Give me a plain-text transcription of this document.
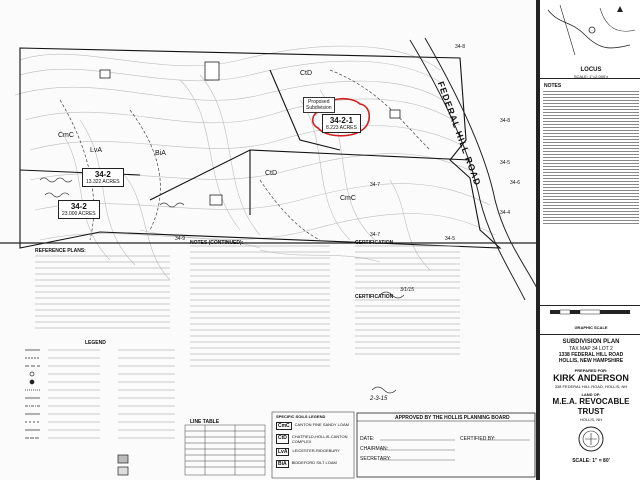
FEDERAL HILL ROAD
Proposed
Subdivision
34-2-1
8.223 ACRES
34-2
13.322 ACRES
34-2
23.000 ACRES
CmC
LvA	BiA
CtD
CmC
CtD
34-8
34-8
34-7
34-5
34-6
34-4
34-5
34-7
34-9
REFERENCE PLANS:
LEGEND
NOTES (CONTINUED):
LINE TABLE
CERTIFICATION
CERTIFICATION
3/1/15
2-3-15
SPECIFIC SOILS LEGEND
CmC	CANTON FINE SANDY LOAM
CtD	CHATFIELD-HOLLIS-CANTON COMPLEX
LvA	LEICESTER-RIDGEBURY
BiA	BIDDEFORD SILT LOAM
APPROVED BY THE HOLLIS PLANNING BOARD
DATE:
CHAIRMAN:
SECRETARY:
CERTIFIED BY:
LOCUS
SCALE: 1"=2,000'±
NOTES
GRAPHIC SCALE
SUBDIVISION PLAN
TAX MAP 34 LOT 2
1338 FEDERAL HILL ROAD
HOLLIS, NEW HAMPSHIRE
PREPARED FOR:
KIRK ANDERSON
338 FEDERAL HILL ROAD, HOLLIS, NH
LAND OF:
M.E.A. REVOCABLE TRUST
HOLLIS, NH
SCALE: 1" = 80'
